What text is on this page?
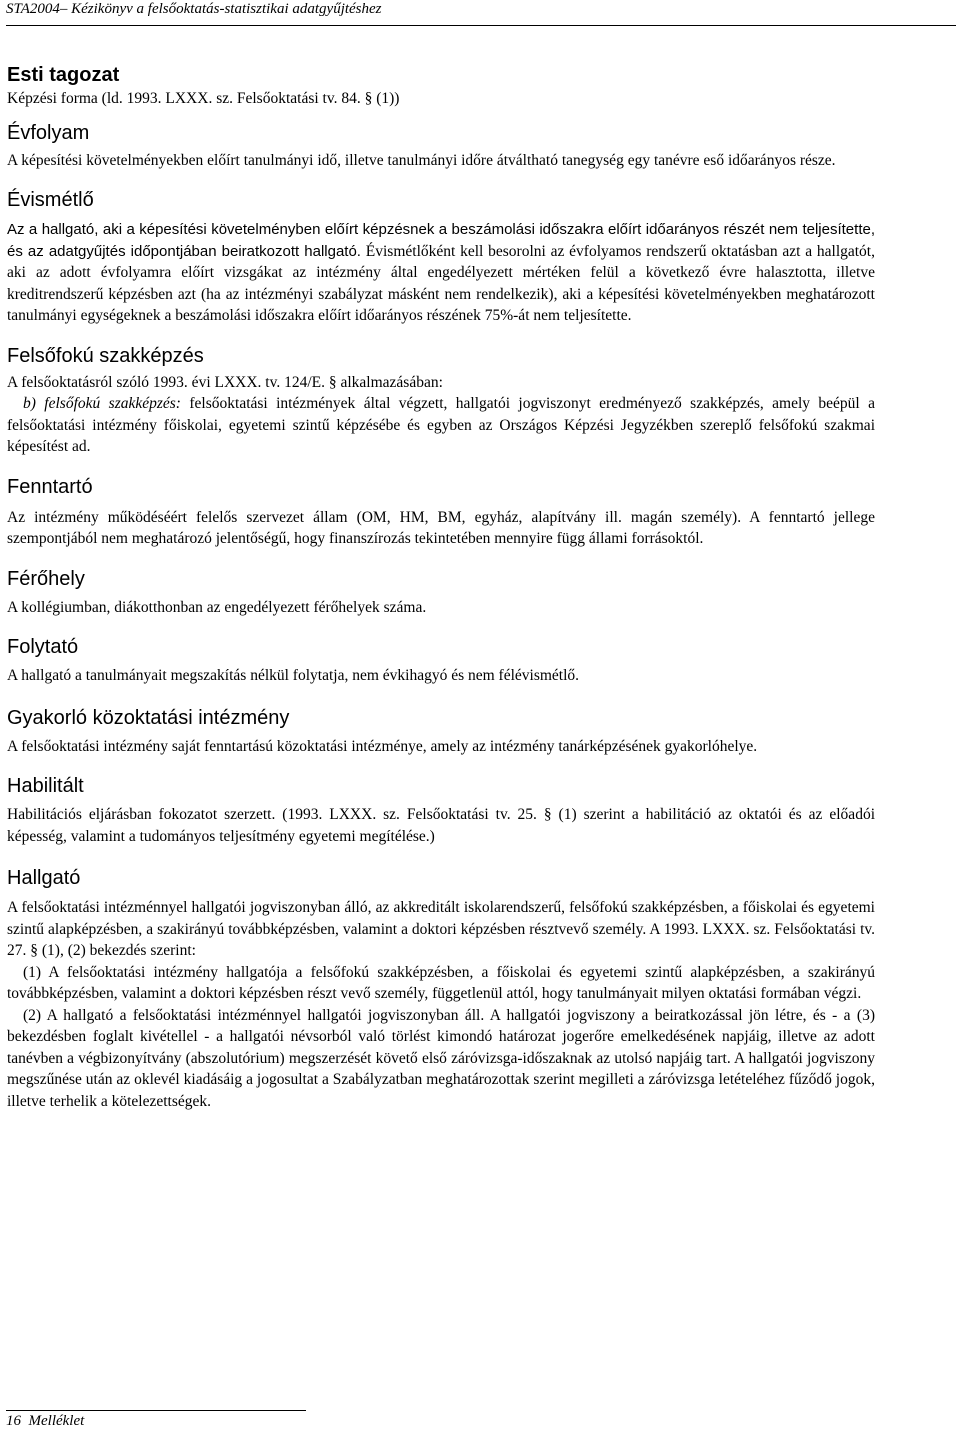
STA2004– Kézikönyv a felsőoktatás-statisztikai adatgyűjtéshez
Esti tagozat

Képzési forma (ld. 1993. LXXX. sz. Felsőoktatási tv. 84. § (1))

Évfolyam

A képesítési követelményekben előírt tanulmányi idő, illetve tanulmányi időre átváltható tanegység egy tanévre eső időarányos része.

Évismétlő

Az a hallgató, aki a képesítési követelményben előírt képzésnek a beszámolási időszakra előírt időarányos részét nem teljesítette, és az adatgyűjtés időpontjában beiratkozott hallgató. Évismétlőként kell besorolni az évfolyamos rendszerű oktatásban azt a hallgatót, aki az adott évfolyamra előírt vizsgákat az intézmény által engedélyezett mértéken felül a következő évre halasztotta, illetve kreditrendszerű képzésben azt (ha az intézményi szabályzat másként nem rendelkezik), aki a képesítési követelményekben meghatározott tanulmányi egységeknek a beszámolási időszakra előírt időarányos részének 75%-át nem teljesítette.

Felsőfokú szakképzés

A felsőoktatásról szóló 1993. évi LXXX. tv. 124/E. § alkalmazásában:

b) felsőfokú szakképzés: felsőoktatási intézmények által végzett, hallgatói jogviszonyt eredményező szakképzés, amely beépül a felsőoktatási intézmény főiskolai, egyetemi szintű képzésébe és egyben az Országos Képzési Jegyzékben szereplő felsőfokú szakmai képesítést ad.

Fenntartó

Az intézmény működéséért felelős szervezet állam (OM, HM, BM, egyház, alapítvány ill. magán személy). A fenntartó jellege szempontjából nem meghatározó jelentőségű, hogy finanszírozás tekintetében mennyire függ állami forrásoktól.

Férőhely

A kollégiumban, diákotthonban az engedélyezett férőhelyek száma.

Folytató

A hallgató a tanulmányait megszakítás nélkül folytatja, nem évkihagyó és nem félévismétlő.

Gyakorló közoktatási intézmény

A felsőoktatási intézmény saját fenntartású közoktatási intézménye, amely az intézmény tanárképzésének gyakorlóhelye.

Habilitált

Habilitációs eljárásban fokozatot szerzett. (1993. LXXX. sz. Felsőoktatási tv. 25. § (1) szerint a habilitáció az oktatói és az előadói képesség, valamint a tudományos teljesítmény egyetemi megítélése.)

Hallgató

A felsőoktatási intézménnyel hallgatói jogviszonyban álló, az akkreditált iskolarendszerű, felsőfokú szakképzésben, a főiskolai és egyetemi szintű alapképzésben, a szakirányú továbbképzésben, valamint a doktori képzésben résztvevő személy. A 1993. LXXX. sz. Felsőoktatási tv. 27. § (1), (2) bekezdés szerint:

(1) A felsőoktatási intézmény hallgatója a felsőfokú szakképzésben, a főiskolai és egyetemi szintű alapképzésben, a szakirányú továbbképzésben, valamint a doktori képzésben részt vevő személy, függetlenül attól, hogy tanulmányait milyen oktatási formában végzi.

(2) A hallgató a felsőoktatási intézménnyel hallgatói jogviszonyban áll. A hallgatói jogviszony a beiratkozással jön létre, és - a (3) bekezdésben foglalt kivétellel - a hallgatói névsorból való törlést kimondó határozat jogerőre emelkedésének napjáig, illetve az adott tanévben a végbizonyítvány (abszolutórium) megszerzését követő első záróvizsga-időszaknak az utolsó napjáig tart. A hallgatói jogviszony megszűnése után az oklevél kiadásáig a jogosultat a Szabályzatban meghatározottak szerint megilleti a záróvizsga letételéhez fűződő jogok, illetve terhelik a kötelezettségek.

16 Melléklet
